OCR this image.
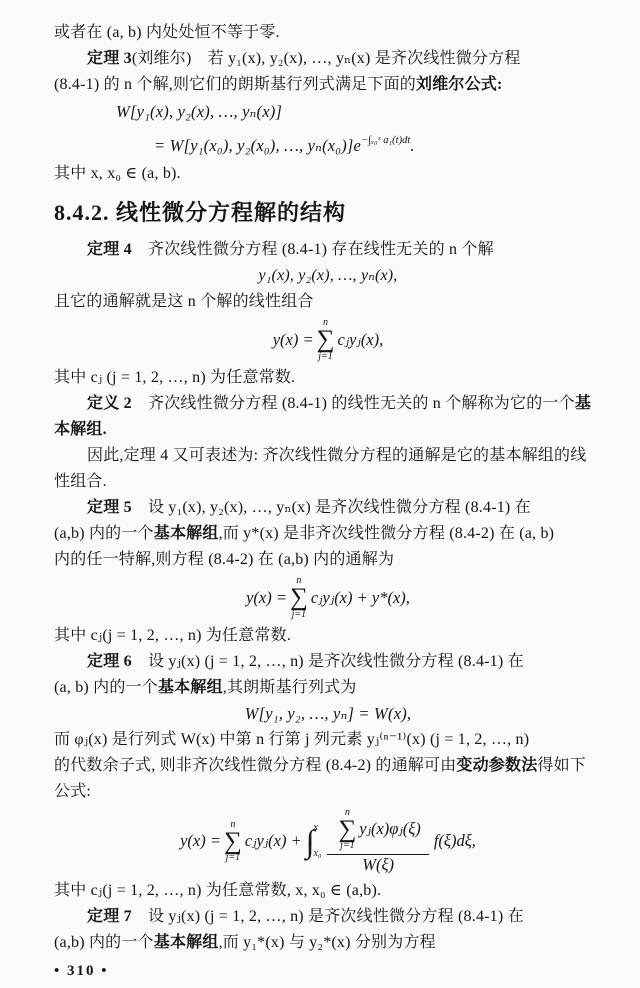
或者在 (a, b) 内处处恒不等于零.
定理 3(刘维尔)　若 y₁(x), y₂(x), …, yₙ(x) 是齐次线性微分方程
(8.4-1) 的 n 个解,则它们的朗斯基行列式满足下面的刘维尔公式:
W[y₁(x), y₂(x), …, yₙ(x)]
= W[y₁(x₀), y₂(x₀), …, $y_n(x_0)]e^{-\int_{x0}ˣ a_1(t)dt}$.
其中 x, x₀ ∈ (a, b).
8.4.2. 线性微分方程解的结构
定理 4　齐次线性微分方程 (8.4-1) 存在线性无关的 n 个解
y₁(x), y₂(x), …, yₙ(x),
且它的通解就是这 n 个解的线性组合
y(x) =
n
∑
j=1
cⱼyⱼ(x),
其中 cⱼ (j = 1, 2, …, n) 为任意常数.
定义 2　齐次线性微分方程 (8.4-1) 的线性无关的 n 个解称为它的一个基
本解组.
因此,定理 4 又可表述为: 齐次线性微分方程的通解是它的基本解组的线
性组合.
定理 5　设 y₁(x), y₂(x), …, yₙ(x) 是齐次线性微分方程 (8.4-1) 在
(a,b) 内的一个基本解组,而 y*(x) 是非齐次线性微分方程 (8.4-2) 在 (a, b)
内的任一特解,则方程 (8.4-2) 在 (a,b) 内的通解为
y(x) =
n
∑
j=1
cⱼyⱼ(x) + y*(x),
其中 cⱼ(j = 1, 2, …, n) 为任意常数.
定理 6　设 yⱼ(x) (j = 1, 2, …, n) 是齐次线性微分方程 (8.4-1) 在
(a, b) 内的一个基本解组,其朗斯基行列式为
W[y₁, y₂, …, yₙ] = W(x),
而 φⱼ(x) 是行列式 W(x) 中第 n 行第 j 列元素 yⱼ⁽ⁿ⁻¹⁾(x) (j = 1, 2, …, n)
的代数余子式, 则非齐次线性微分方程 (8.4-2) 的通解可由变动参数法得如下
公式:
y(x) =
n
∑
j=1
cⱼyⱼ(x) + ∫ x
x₀ n
∑
j=1
yⱼ(x)φⱼ(ξ)
W(ξ) f(ξ)dξ,
其中 cⱼ(j = 1, 2, …, n) 为任意常数, x, x₀ ∈ (a,b).
定理 7　设 yⱼ(x) (j = 1, 2, …, n) 是齐次线性微分方程 (8.4-1) 在
(a,b) 内的一个基本解组,而 y₁*(x) 与 y₂*(x) 分别为方程
• 310 •
